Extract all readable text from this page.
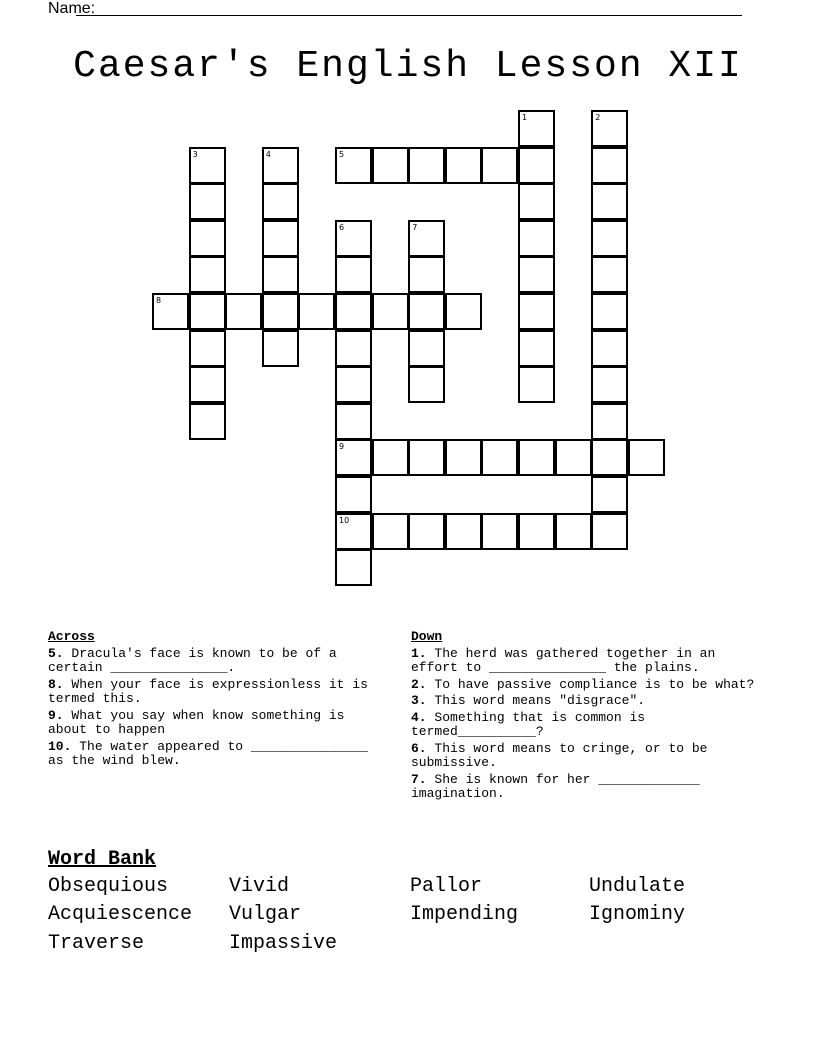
Name:
Caesar's English Lesson XII
1	2
3	4
6
9
10
7
5
8
Across
5. Dracula's face is known to be of a certain _______________.
8. When your face is expressionless it is termed this.
9. What you say when know something is about to happen
10. The water appeared to _______________ as the wind blew.
Down
1. The herd was gathered together in an effort to _______________ the plains.
2. To have passive compliance is to be what?
3. This word means "disgrace".
4. Something that is common is termed__________?
6. This word means to cringe, or to be submissive.
7. She is known for her _____________ imagination.
Word Bank
Obsequious	Vivid	Pallor	Undulate
Acquiescence Vulgar	Impending	Ignominy
Traverse	Impassive
